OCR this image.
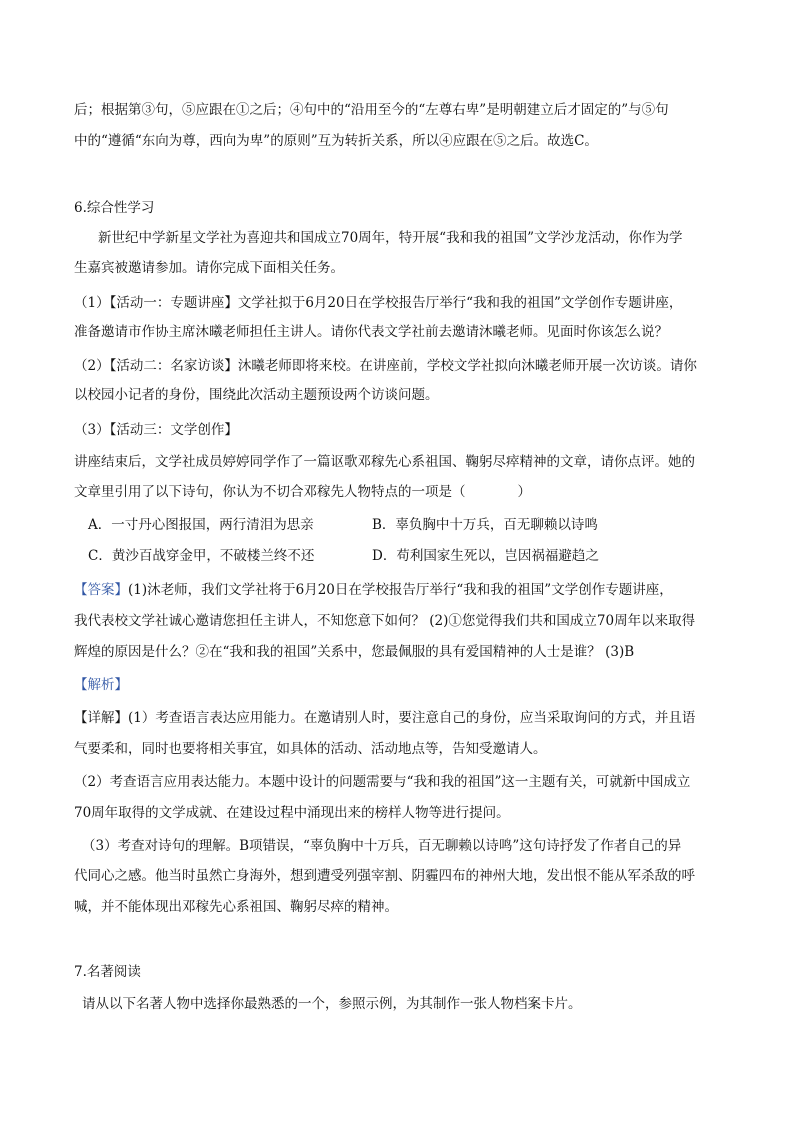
后；根据第③句，⑤应跟在①之后；④句中的“沿用至今的“左尊右卑”是明朝建立后才固定的”与⑤句
中的“遵循“东向为尊，西向为卑”的原则”互为转折关系，所以④应跟在⑤之后。故选C。
6.综合性学习
新世纪中学新星文学社为喜迎共和国成立70周年，特开展“我和我的祖国”文学沙龙活动，你作为学
生嘉宾被邀请参加。请你完成下面相关任务。
（1）【活动一：专题讲座】文学社拟于6月20日在学校报告厅举行“我和我的祖国”文学创作专题讲座，
准备邀请市作协主席沐曦老师担任主讲人。请你代表文学社前去邀请沐曦老师。见面时你该怎么说？
（2）【活动二：名家访谈】沐曦老师即将来校。在讲座前，学校文学社拟向沐曦老师开展一次访谈。请你
以校园小记者的身份，围绕此次活动主题预设两个访谈问题。
（3）【活动三：文学创作】
讲座结束后，文学社成员婷婷同学作了一篇讴歌邓稼先心系祖国、鞠躬尽瘁精神的文章，请你点评。她的
文章里引用了以下诗句，你认为不切合邓稼先人物特点的一项是（	）
A．一寸丹心图报国，两行清泪为思亲	B．辜负胸中十万兵，百无聊赖以诗鸣
C．黄沙百战穿金甲，不破楼兰终不还	D．苟利国家生死以，岂因祸福避趋之
【答案】(1)沐老师，我们文学社将于6月20日在学校报告厅举行“我和我的祖国”文学创作专题讲座，
我代表校文学社诚心邀请您担任主讲人，不知您意下如何？ (2)①您觉得我们共和国成立70周年以来取得
辉煌的原因是什么？②在“我和我的祖国”关系中，您最佩服的具有爱国精神的人士是谁？ (3)B
【解析】
【详解】(1）考查语言表达应用能力。在邀请别人时，要注意自己的身份，应当采取询问的方式，并且语
气要柔和，同时也要将相关事宜，如具体的活动、活动地点等，告知受邀请人。
（2）考查语言应用表达能力。本题中设计的问题需要与“我和我的祖国”这一主题有关，可就新中国成立
70周年取得的文学成就、在建设过程中涌现出来的榜样人物等进行提问。
（3）考查对诗句的理解。B项错误，“辜负胸中十万兵，百无聊赖以诗鸣”这句诗抒发了作者自己的异
代同心之感。他当时虽然亡身海外，想到遭受列强宰割、阴霾四布的神州大地，发出恨不能从军杀敌的呼
喊，并不能体现出邓稼先心系祖国、鞠躬尽瘁的精神。
7.名著阅读
请从以下名著人物中选择你最熟悉的一个，参照示例，为其制作一张人物档案卡片。
